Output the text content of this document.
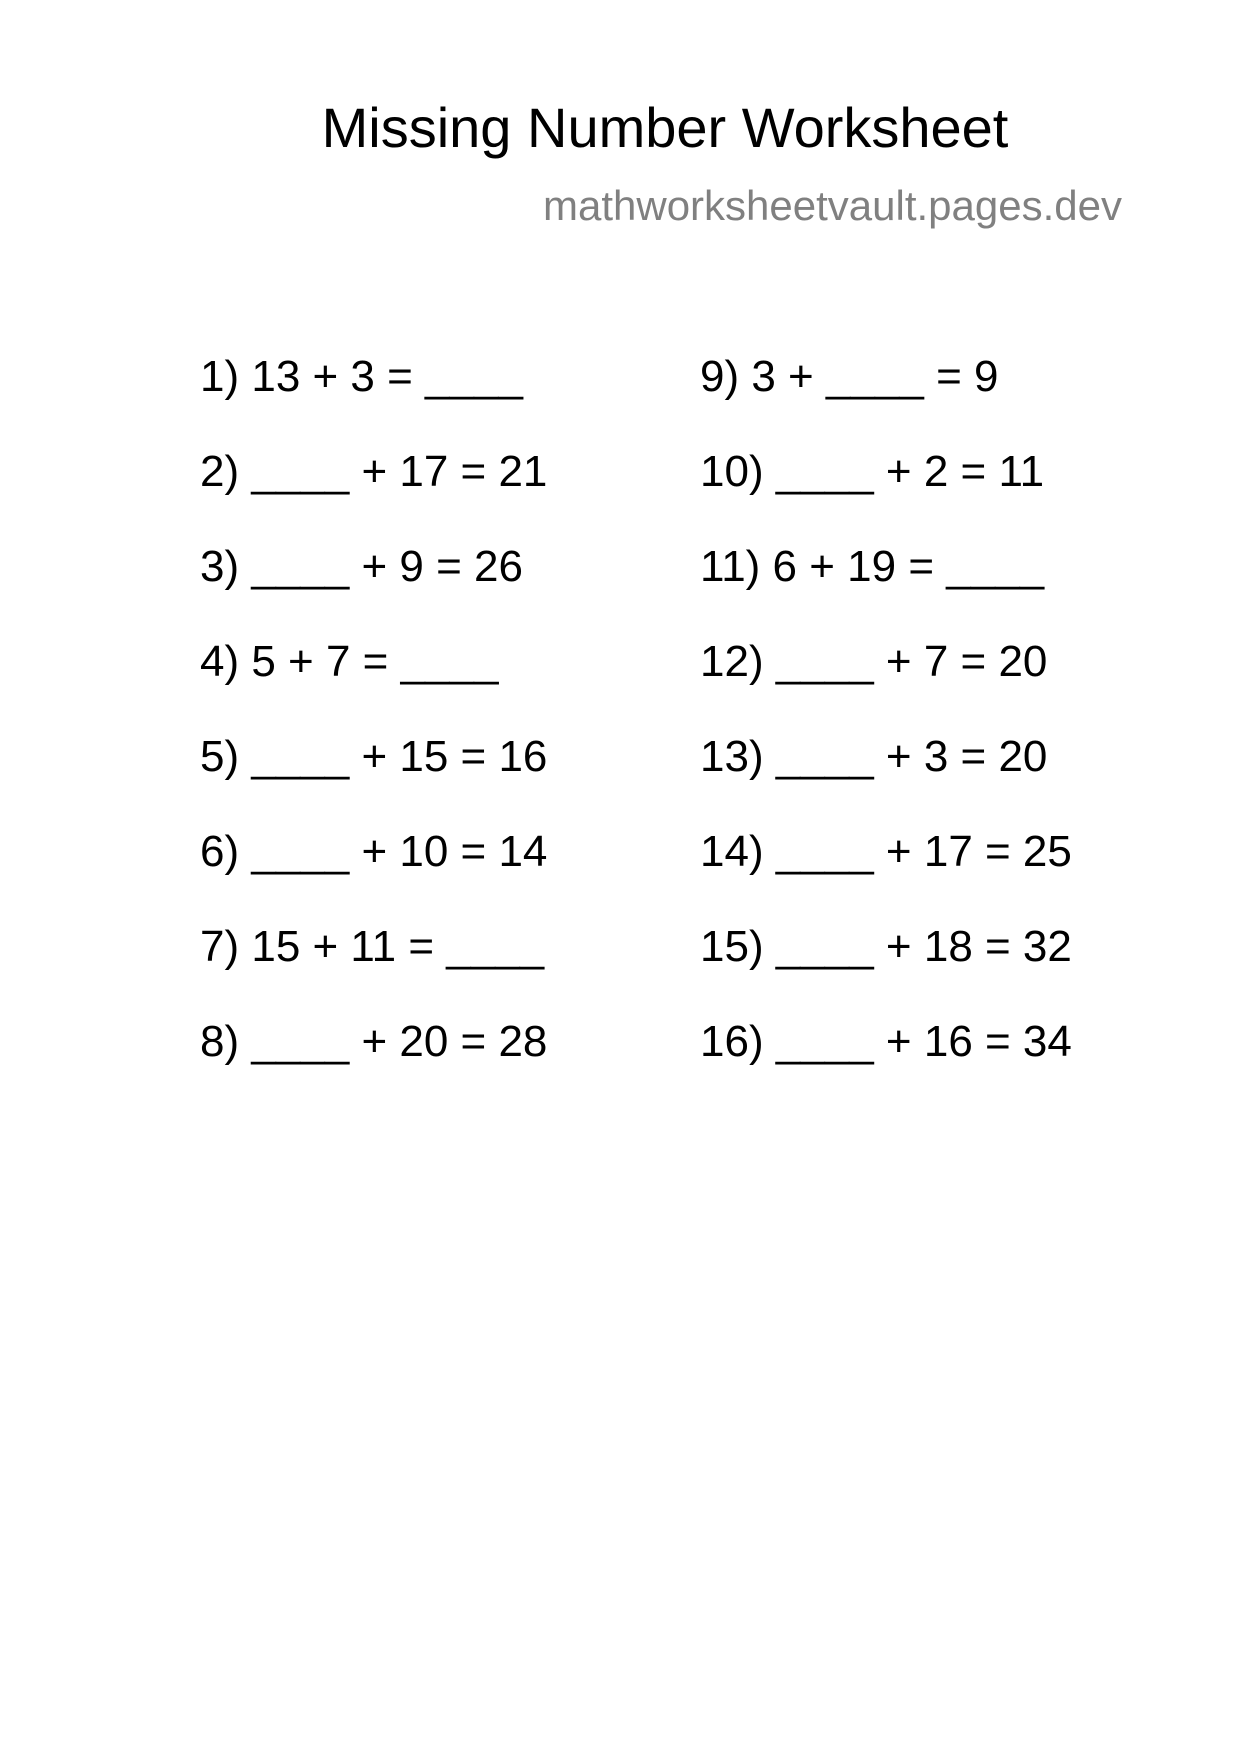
Missing Number Worksheet
mathworksheetvault.pages.dev
1) 13 + 3 = ____
2) ____ + 17 = 21
3) ____ + 9 = 26
4) 5 + 7 = ____
5) ____ + 15 = 16
6) ____ + 10 = 14
7) 15 + 11 = ____
8) ____ + 20 = 28
9) 3 + ____ = 9
10) ____ + 2 = 11
11) 6 + 19 = ____
12) ____ + 7 = 20
13) ____ + 3 = 20
14) ____ + 17 = 25
15) ____ + 18 = 32
16) ____ + 16 = 34
